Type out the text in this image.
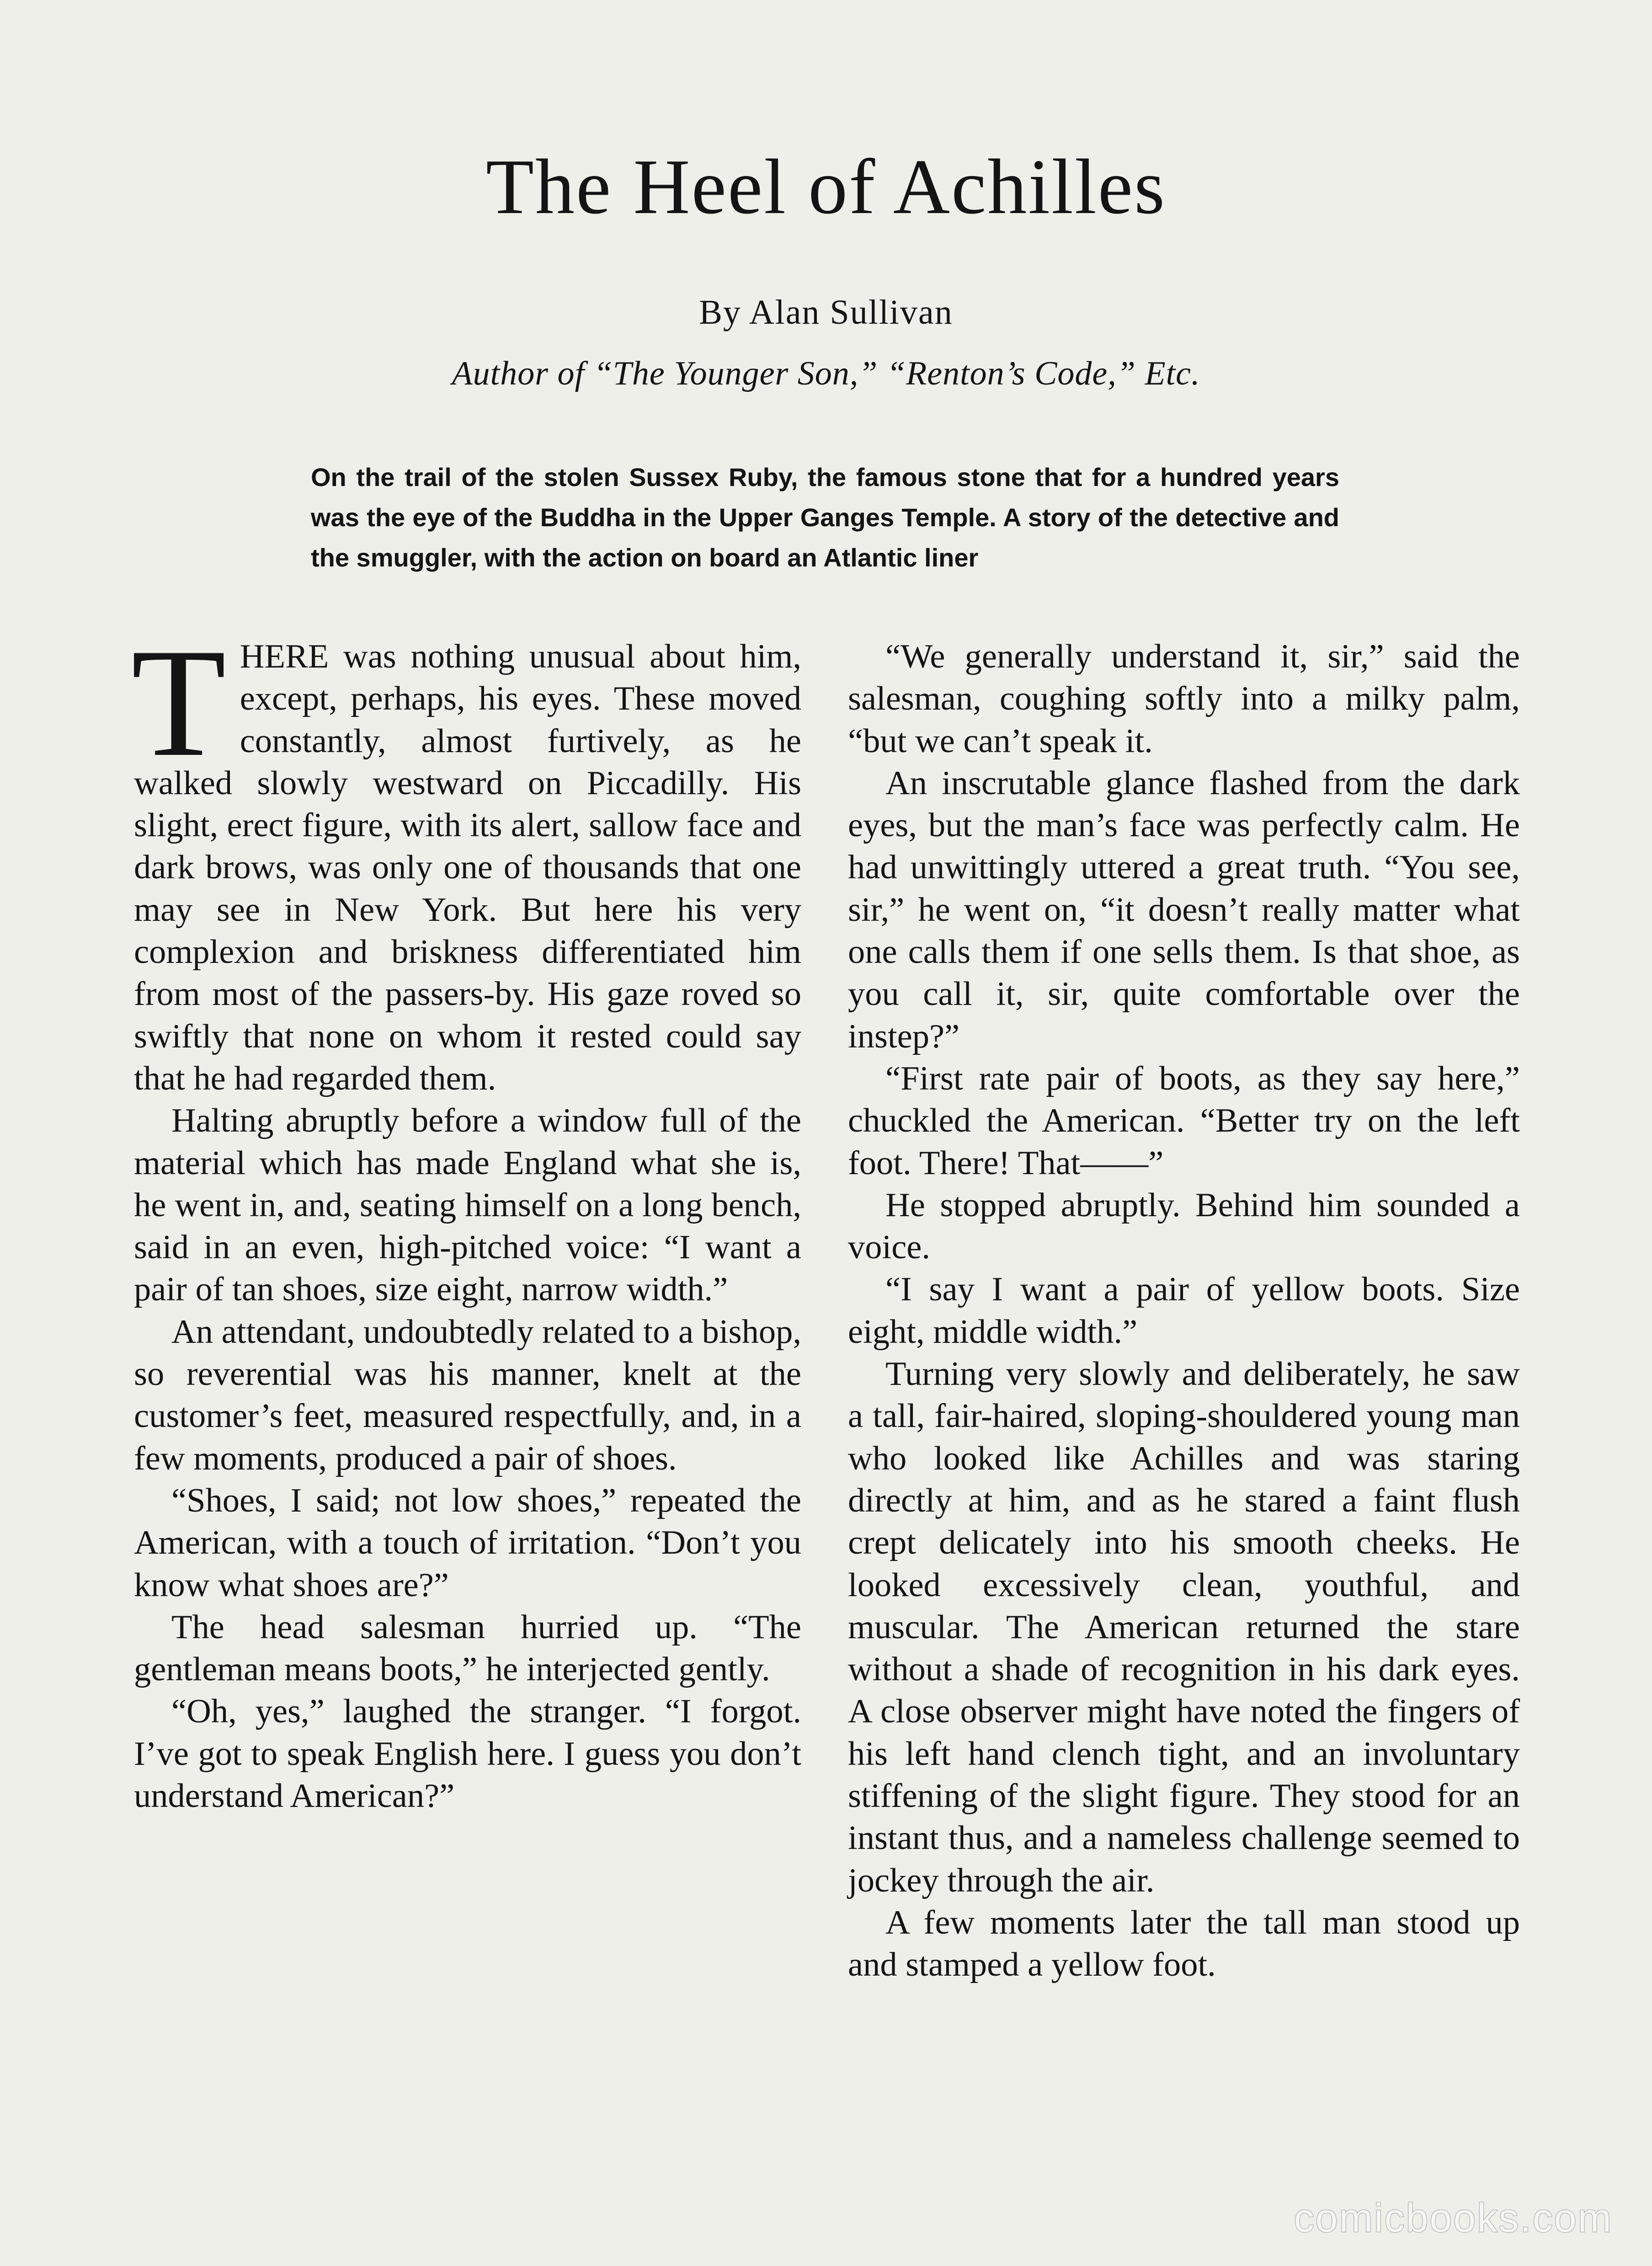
The Heel of Achilles
By Alan Sullivan
Author of “The Younger Son,” “Renton’s Code,” Etc.
On the trail of the stolen Sussex Ruby, the famous stone that for a hundred years was the eye of the Buddha in the Upper Ganges Temple. A story of the detective and the smuggler, with the action on board an Atlantic liner
T HERE was nothing unusual about him, except, perhaps, his eyes. These moved constantly, almost furtively, as he walked slowly westward on Piccadilly. His slight, erect figure, with its alert, sallow face and dark brows, was only one of thousands that one may see in New York. But here his very complexion and briskness differentiated him from most of the passers-by. His gaze roved so swiftly that none on whom it rested could say that he had regarded them.

Halting abruptly before a window full of the material which has made England what she is, he went in, and, seating himself on a long bench, said in an even, high-pitched voice: “I want a pair of tan shoes, size eight, narrow width.”

An attendant, undoubtedly related to a bishop, so reverential was his manner, knelt at the customer’s feet, measured respectfully, and, in a few moments, produced a pair of shoes.

“Shoes, I said; not low shoes,” repeated the American, with a touch of irritation. “Don’t you know what shoes are?”

The head salesman hurried up. “The gentleman means boots,” he interjected gently.

“Oh, yes,” laughed the stranger. “I forgot. I’ve got to speak English here. I guess you don’t understand American?”

“We generally understand it, sir,” said the salesman, coughing softly into a milky palm, “but we can’t speak it.

An inscrutable glance flashed from the dark eyes, but the man’s face was perfectly calm. He had unwittingly uttered a great truth. “You see, sir,” he went on, “it doesn’t really matter what one calls them if one sells them. Is that shoe, as you call it, sir, quite comfortable over the instep?”

“First rate pair of boots, as they say here,” chuckled the American. “Better try on the left foot. There! That——”

He stopped abruptly. Behind him sounded a voice.

“I say I want a pair of yellow boots. Size eight, middle width.”

Turning very slowly and deliberately, he saw a tall, fair-haired, sloping-shouldered young man who looked like Achilles and was staring directly at him, and as he stared a faint flush crept delicately into his smooth cheeks. He looked excessively clean, youthful, and muscular. The American returned the stare without a shade of recognition in his dark eyes. A close observer might have noted the fingers of his left hand clench tight, and an involuntary stiffening of the slight figure. They stood for an instant thus, and a nameless challenge seemed to jockey through the air.

A few moments later the tall man stood up and stamped a yellow foot.

comicbooks.com
